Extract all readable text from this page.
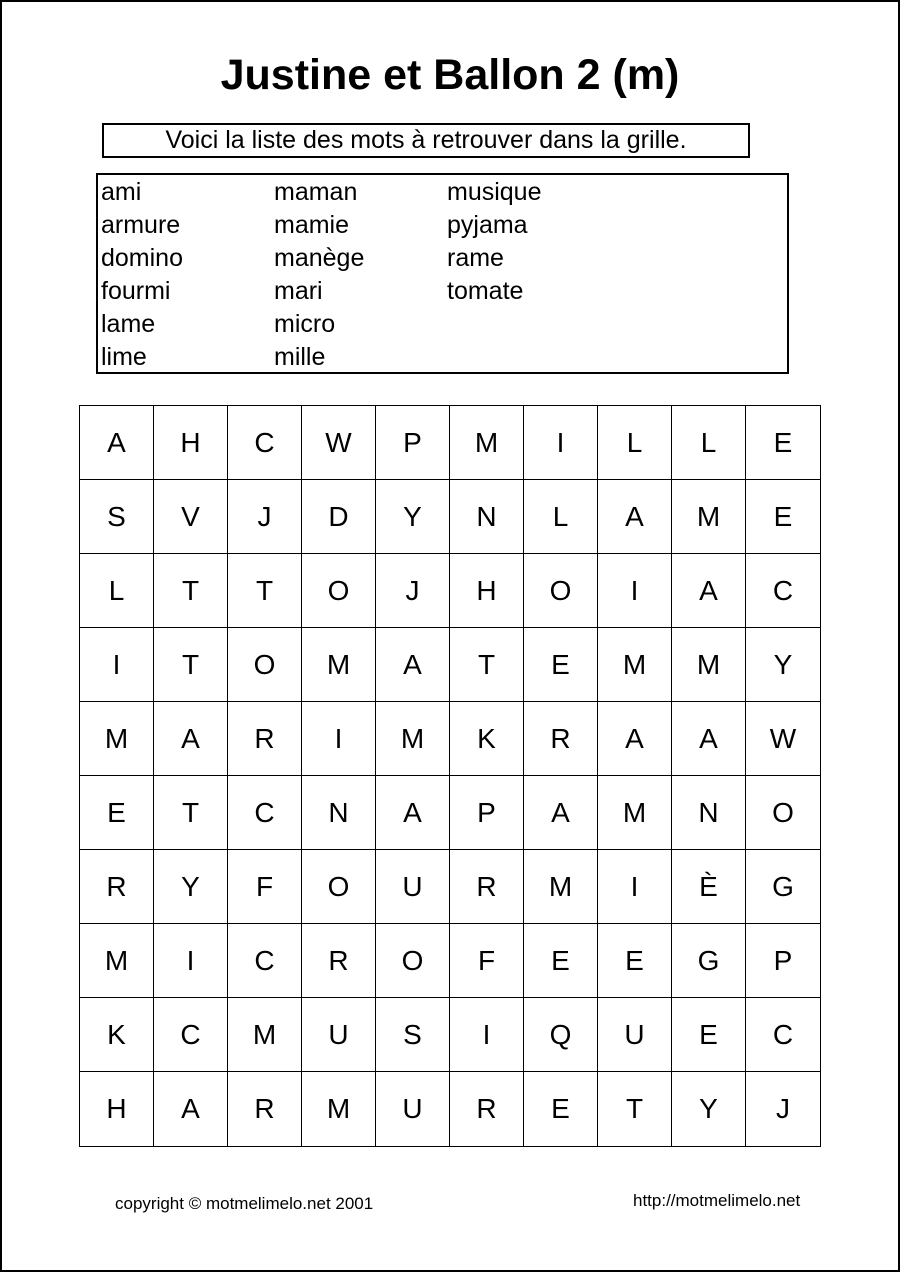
Justine et Ballon 2 (m)
Voici la liste des mots à retrouver dans la grille.
ami
armure
domino
fourmi
lame
lime
maman
mamie
manège
mari
micro
mille
musique
pyjama
rame
tomate
A	H	C	W	P	M	I	L	L	E
S	V	J	D	Y	N	L	A	M	E
L	T	T	O	J	H	O	I	A	C
I	T	O	M	A	T	E	M	M	Y
M	A	R	I	M	K	R	A	A	W
E	T	C	N	A	P	A	M	N	O
R	Y	F	O	U	R	M	I	È	G
M	I	C	R	O	F	E	E	G	P
K	C	M	U	S	I	Q	U	E	C
H	A	R	M	U	R	E	T	Y	J
copyright © motmelimelo.net 2001	http://motmelimelo.net
